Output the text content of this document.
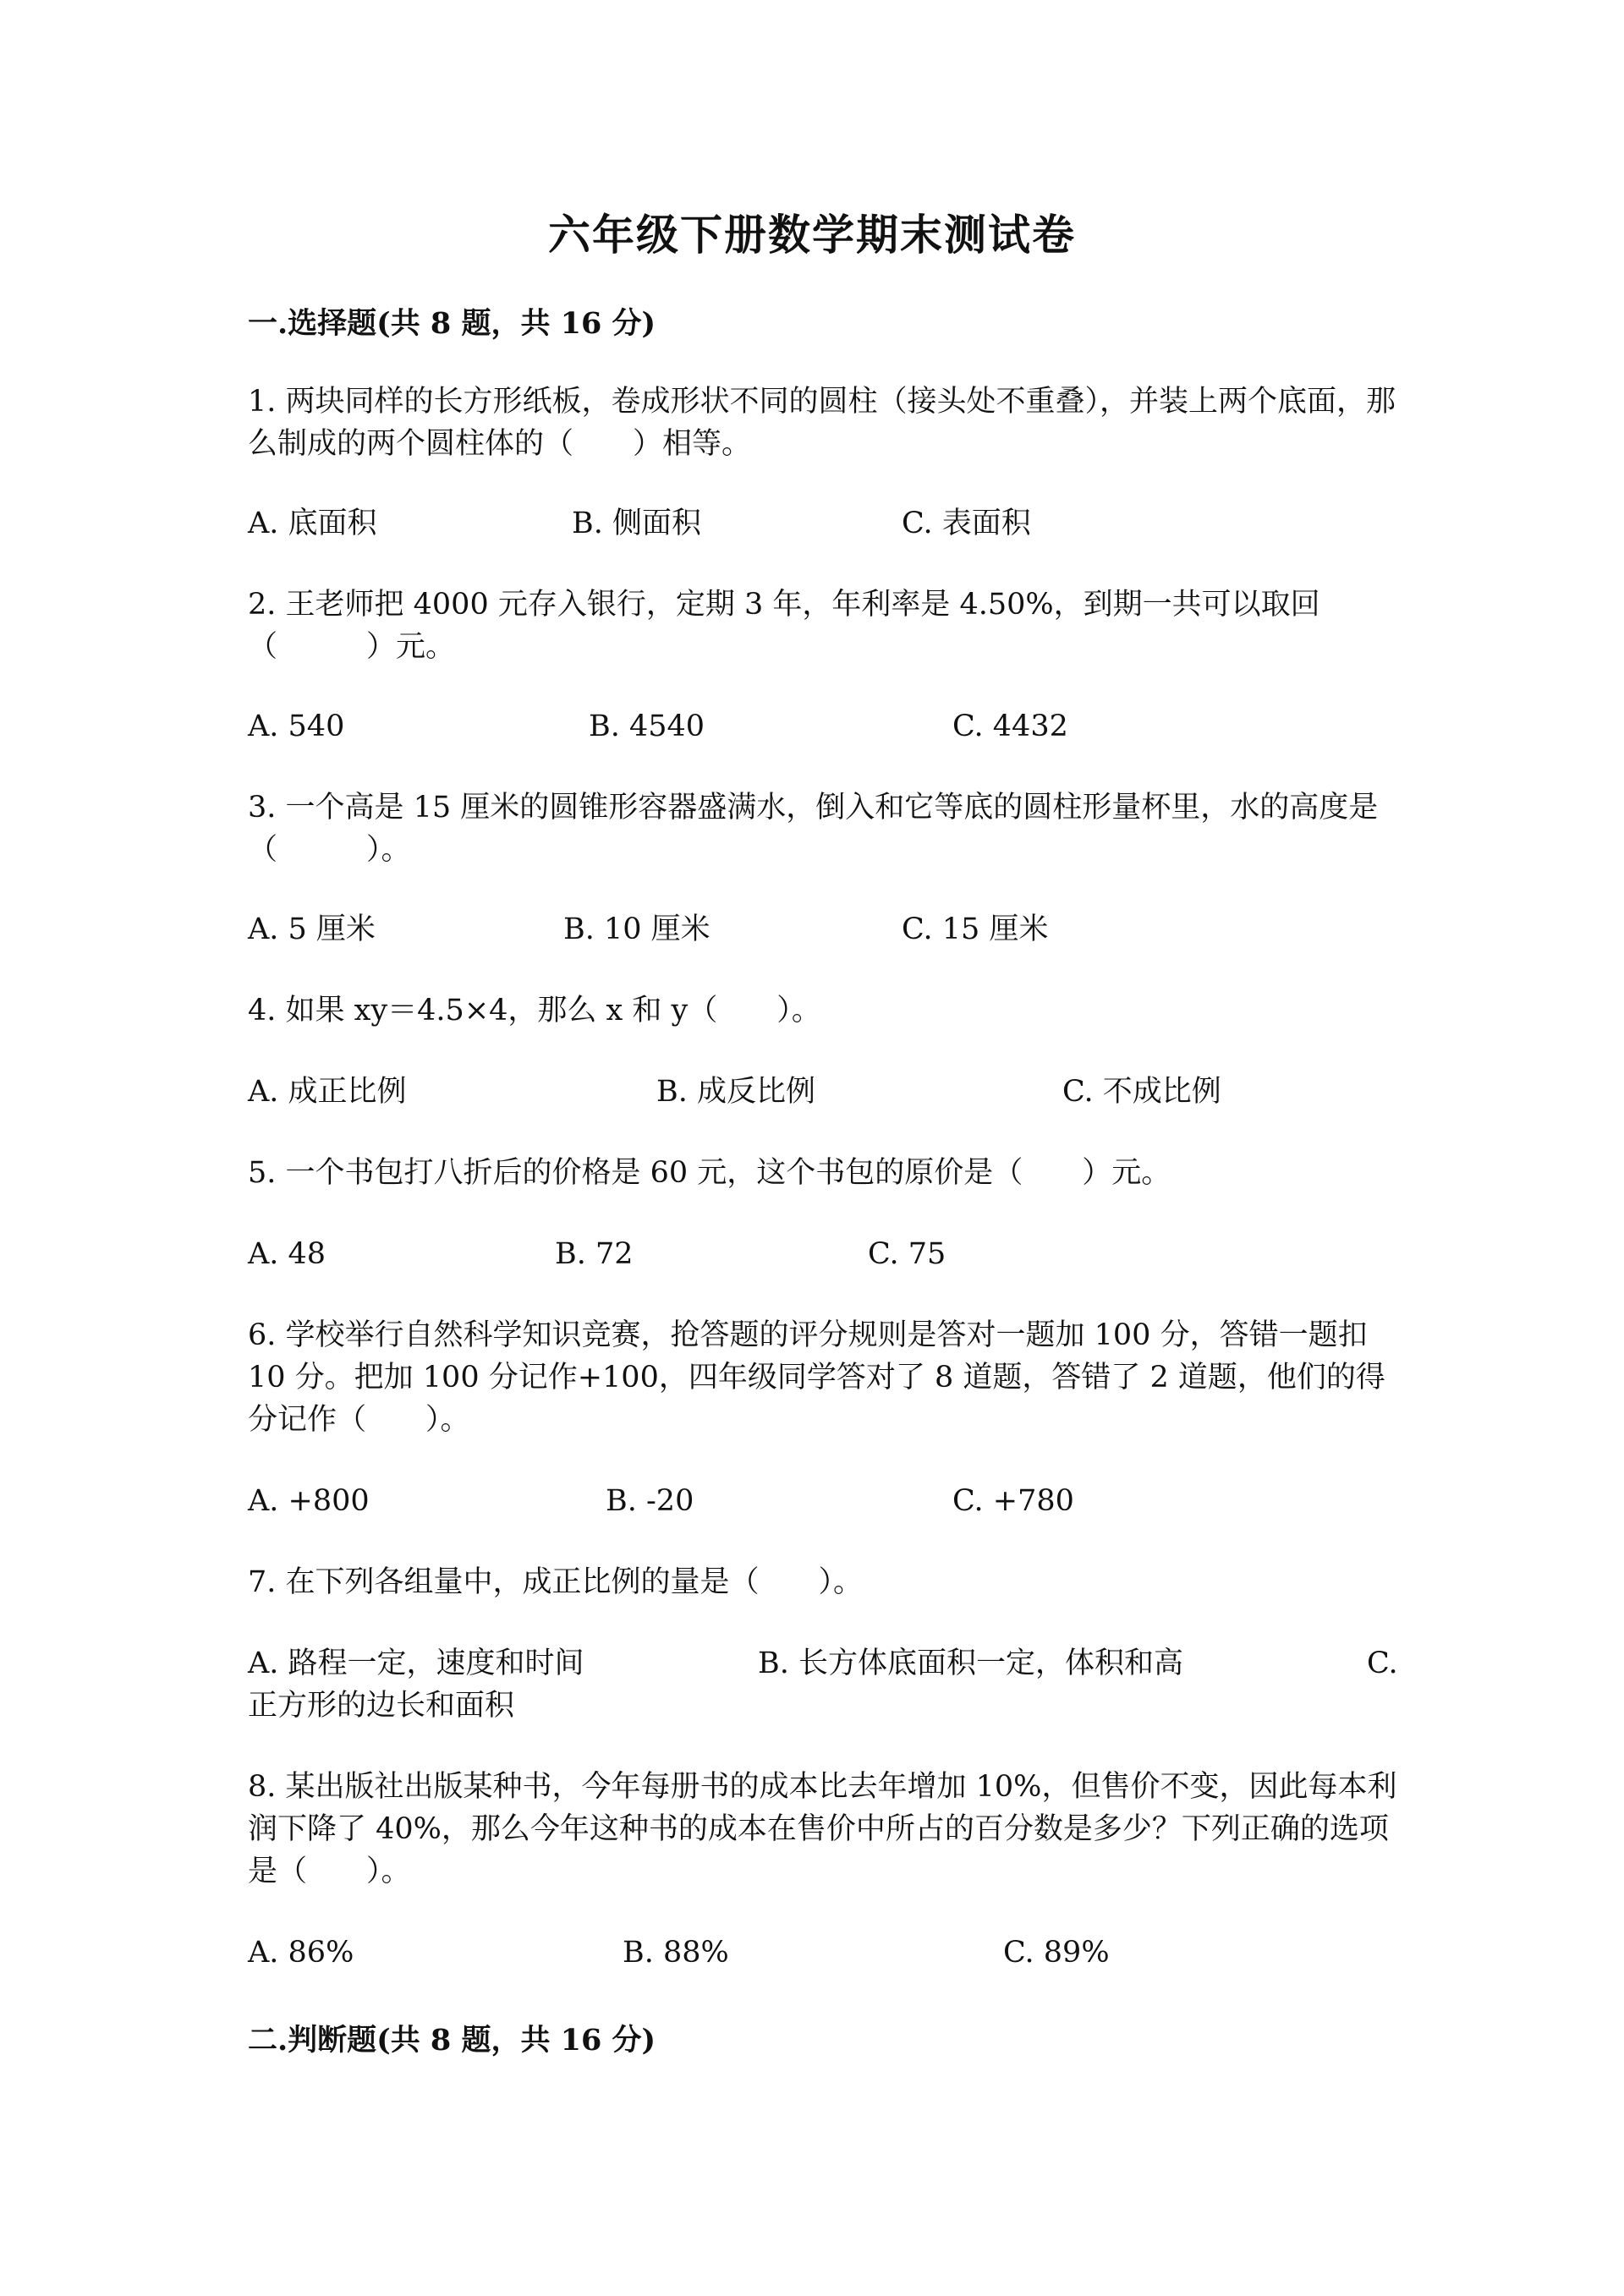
六年级下册数学期末测试卷
一.选择题(共 8 题，共 16 分)

1. 两块同样的长方形纸板，卷成形状不同的圆柱（接头处不重叠），并装上两个底面，那么制成的两个圆柱体的（　　）相等。

A. 底面积	B. 侧面积	C. 表面积

2. 王老师把 4000 元存入银行，定期 3 年，年利率是 4.50%，到期一共可以取回（　　　）元。

A. 540	B. 4540	C. 4432

3. 一个高是 15 厘米的圆锥形容器盛满水，倒入和它等底的圆柱形量杯里，水的高度是（　　　）。

A. 5 厘米	B. 10 厘米	C. 15 厘米

4. 如果 xy＝4.5×4，那么 x 和 y（　　）。

A. 成正比例	B. 成反比例	C. 不成比例

5. 一个书包打八折后的价格是 60 元，这个书包的原价是（　　）元。

A. 48	B. 72	C. 75

6. 学校举行自然科学知识竞赛，抢答题的评分规则是答对一题加 100 分，答错一题扣 10 分。把加 100 分记作+100，四年级同学答对了 8 道题，答错了 2 道题，他们的得分记作（　　）。

A. +800	B. -20	C. +780

7. 在下列各组量中，成正比例的量是（　　）。

A. 路程一定，速度和时间	B. 长方体底面积一定，体积和高	C.
正方形的边长和面积

8. 某出版社出版某种书，今年每册书的成本比去年增加 10%，但售价不变，因此每本利润下降了 40%，那么今年这种书的成本在售价中所占的百分数是多少？下列正确的选项是（　　）。

A. 86%	B. 88%	C. 89%
二.判断题(共 8 题，共 16 分)
